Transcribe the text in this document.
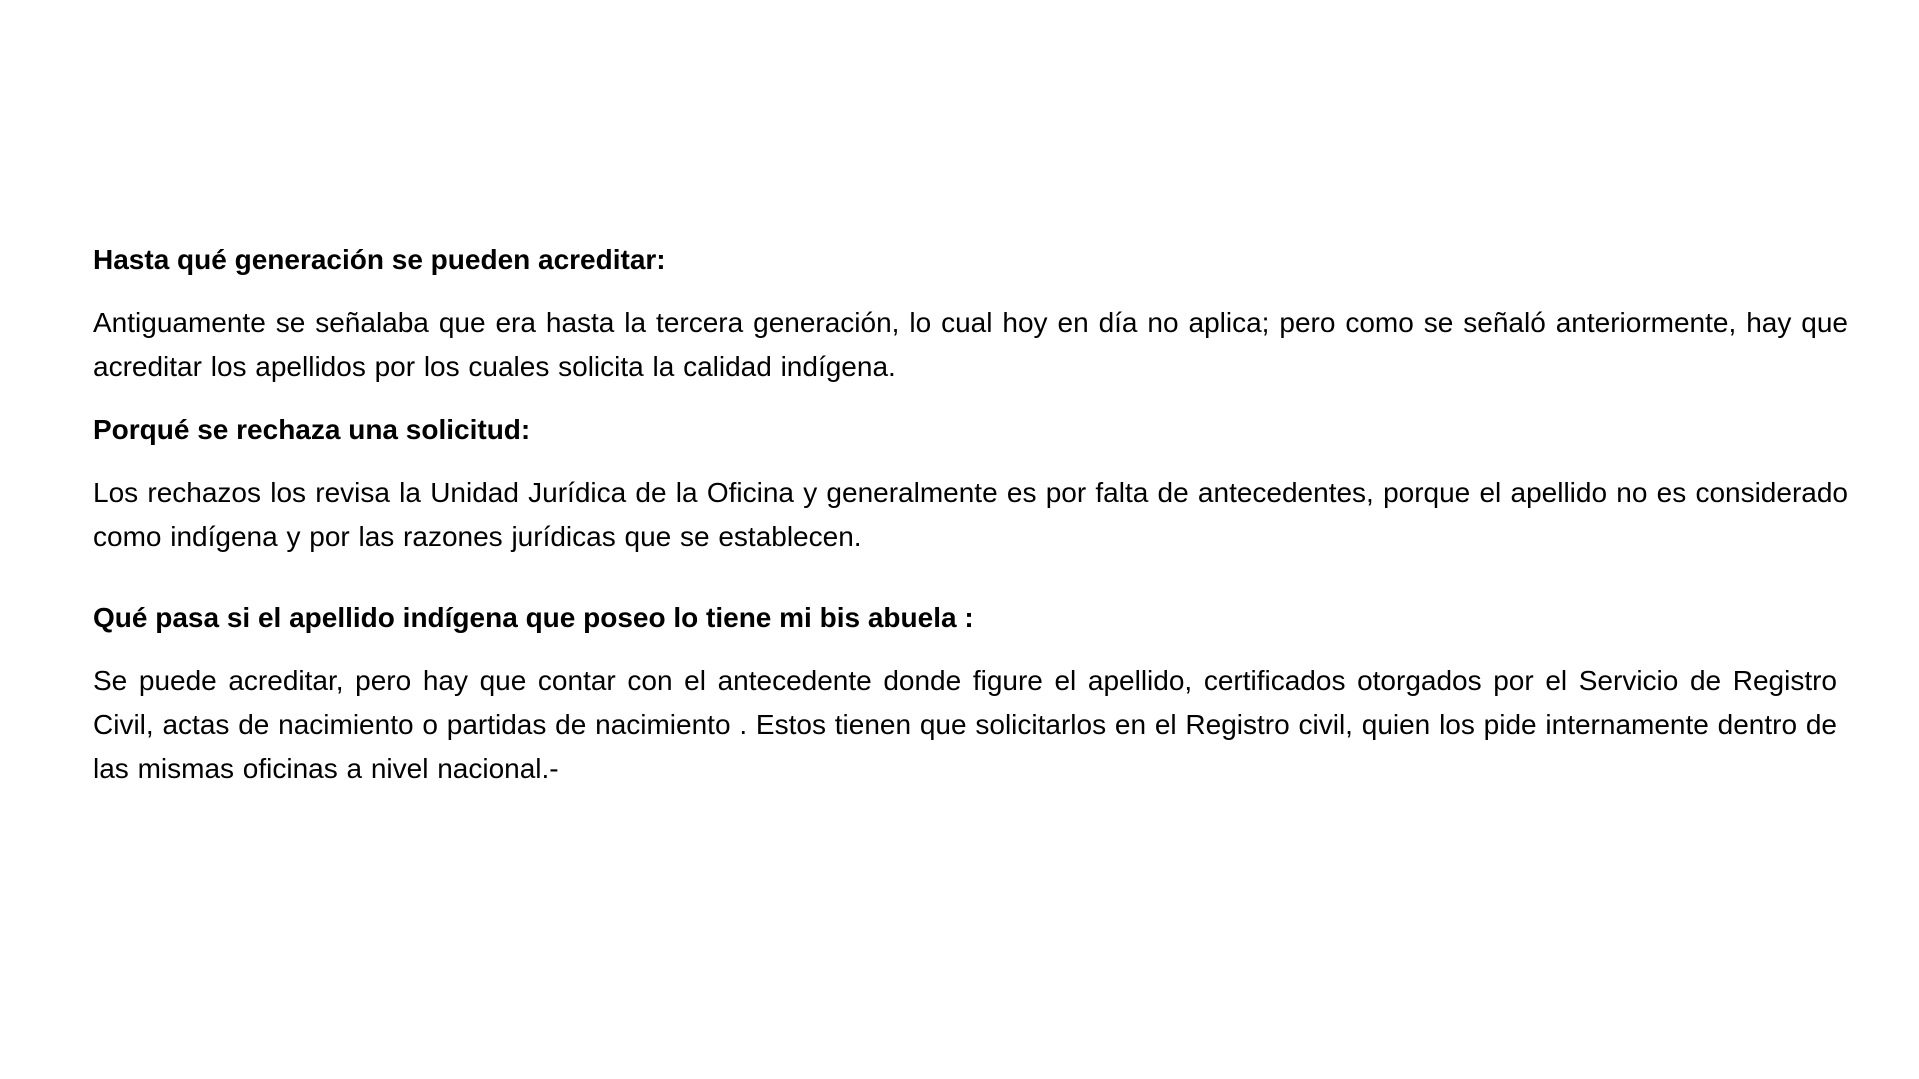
Hasta qué generación se pueden acreditar:

Antiguamente se señalaba que era hasta la tercera generación, lo cual hoy en día no aplica; pero como se señaló anteriormente, hay que acreditar los apellidos por los cuales solicita la calidad indígena.

Porqué se rechaza una solicitud:

Los rechazos los revisa la Unidad Jurídica de la Oficina y generalmente es por falta de antecedentes, porque el apellido no es considerado como indígena y por las razones jurídicas que se establecen.

Qué pasa si el apellido indígena que poseo lo tiene mi bis abuela :

Se puede acreditar, pero hay que contar con el antecedente donde figure el apellido, certificados otorgados por el Servicio de Registro Civil, actas de nacimiento o partidas de nacimiento . Estos tienen que solicitarlos en el Registro civil, quien los pide internamente dentro de las mismas oficinas a nivel nacional.-
